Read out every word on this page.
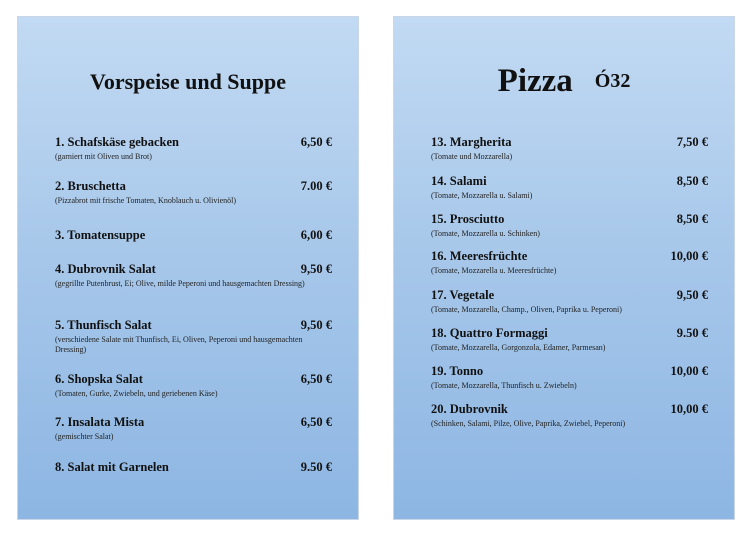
Vorspeise und Suppe
1. Schafskäse gebacken	6,50 €
(garniert mit Oliven und Brot)
2. Bruschetta	7.00 €
(Pizzabrot mit frische Tomaten, Knoblauch u. Olivienöl)
3. Tomatensuppe	6,00 €
4. Dubrovnik Salat	9,50 €
(gegrillte Putenbrust, Ei; Olive, milde Peperoni und hausgemachten Dressing)
5. Thunfisch Salat	9,50 €
(verschiedene Salate mit Thunfisch, Ei, Oliven, Peperoni und hausgemachten Dressing)
6. Shopska Salat	6,50 €
(Tomaten, Gurke, Zwiebeln, und geriebenen Käse)
7. Insalata Mista	6,50 €
(gemischter Salat)
8. Salat mit Garnelen	9.50 €
Pizza Ó32
13. Margherita	7,50 €
(Tomate und Mozzarella)
14. Salami	8,50 €
(Tomate, Mozzarella u. Salami)
15. Prosciutto	8,50 €
(Tomate, Mozzarella u. Schinken)
16. Meeresfrüchte	10,00 €
(Tomate, Mozzarella u. Meeresfrüchte)
17. Vegetale	9,50 €
(Tomate, Mozzarella, Champ., Oliven, Paprika u. Peperoni)
18. Quattro Formaggi	9.50 €
(Tomate, Mozzarella, Gorgonzola, Edamer, Parmesan)
19. Tonno	10,00 €
(Tomate, Mozzarella, Thunfisch u. Zwiebeln)
20. Dubrovnik	10,00 €
(Schinken, Salami, Pilze, Olive, Paprika, Zwiebel, Peperoni)
